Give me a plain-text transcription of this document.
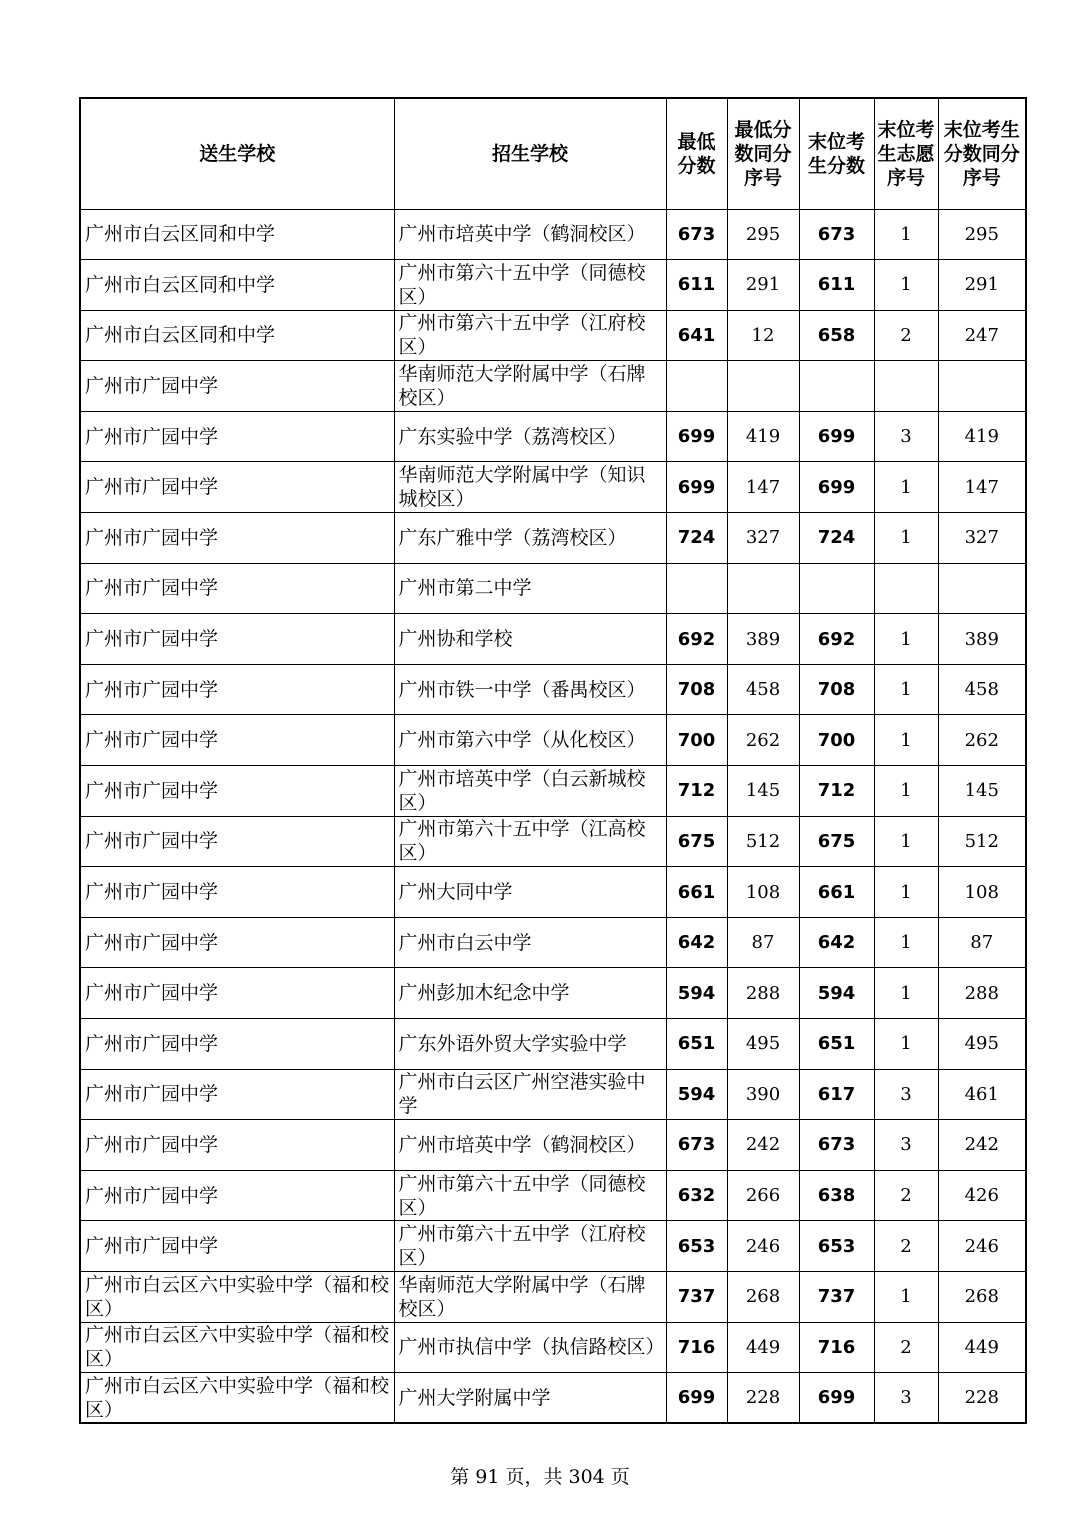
送生学校	招生学校	最低分数	最低分数同分序号	末位考生分数	末位考生志愿序号	末位考生分数同分序号
广州市白云区同和中学	广州市培英中学（鹤洞校区）	673	295	673	1	295
广州市白云区同和中学	广州市第六十五中学（同德校区）	611	291	611	1	291
广州市白云区同和中学	广州市第六十五中学（江府校区）	641	12	658	2	247
广州市广园中学	华南师范大学附属中学（石牌校区）					
广州市广园中学	广东实验中学（荔湾校区）	699	419	699	3	419
广州市广园中学	华南师范大学附属中学（知识城校区）	699	147	699	1	147
广州市广园中学	广东广雅中学（荔湾校区）	724	327	724	1	327
广州市广园中学	广州市第二中学					
广州市广园中学	广州协和学校	692	389	692	1	389
广州市广园中学	广州市铁一中学（番禺校区）	708	458	708	1	458
广州市广园中学	广州市第六中学（从化校区）	700	262	700	1	262
广州市广园中学	广州市培英中学（白云新城校区）	712	145	712	1	145
广州市广园中学	广州市第六十五中学（江高校区）	675	512	675	1	512
广州市广园中学	广州大同中学	661	108	661	1	108
广州市广园中学	广州市白云中学	642	87	642	1	87
广州市广园中学	广州彭加木纪念中学	594	288	594	1	288
广州市广园中学	广东外语外贸大学实验中学	651	495	651	1	495
广州市广园中学	广州市白云区广州空港实验中学	594	390	617	3	461
广州市广园中学	广州市培英中学（鹤洞校区）	673	242	673	3	242
广州市广园中学	广州市第六十五中学（同德校区）	632	266	638	2	426
广州市广园中学	广州市第六十五中学（江府校区）	653	246	653	2	246
广州市白云区六中实验中学（福和校区）	华南师范大学附属中学（石牌校区）	737	268	737	1	268
广州市白云区六中实验中学（福和校区）	广州市执信中学（执信路校区）	716	449	716	2	449
广州市白云区六中实验中学（福和校区）	广州大学附属中学	699	228	699	3	228
第 91 页，共 304 页
